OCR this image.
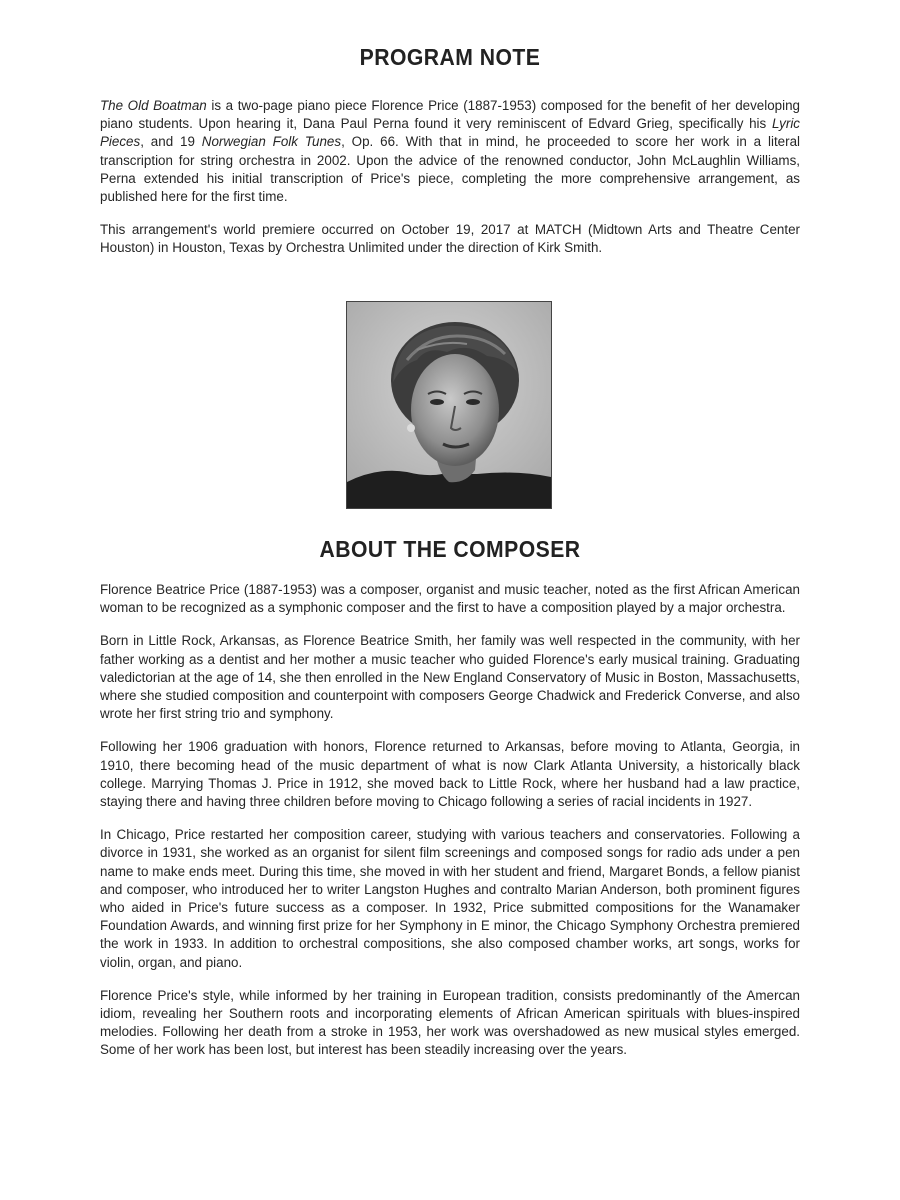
PROGRAM NOTE

The Old Boatman is a two-page piano piece Florence Price (1887-1953) composed for the benefit of her developing piano students. Upon hearing it, Dana Paul Perna found it very reminiscent of Edvard Grieg, specifically his Lyric Pieces, and 19 Norwegian Folk Tunes, Op. 66. With that in mind, he proceeded to score her work in a literal transcription for string orchestra in 2002. Upon the advice of the renowned conductor, John McLaughlin Williams, Perna extended his initial transcription of Price's piece, completing the more comprehensive arrangement, as published here for the first time.

This arrangement's world premiere occurred on October 19, 2017 at MATCH (Midtown Arts and Theatre Center Houston) in Houston, Texas by Orchestra Unlimited under the direction of Kirk Smith.

ABOUT THE COMPOSER

Florence Beatrice Price (1887-1953) was a composer, organist and music teacher, noted as the first African American woman to be recognized as a symphonic composer and the first to have a composition played by a major orchestra.

Born in Little Rock, Arkansas, as Florence Beatrice Smith, her family was well respected in the community, with her father working as a dentist and her mother a music teacher who guided Florence's early musical training. Graduating valedictorian at the age of 14, she then enrolled in the New England Conservatory of Music in Boston, Massachusetts, where she studied composition and counterpoint with composers George Chadwick and Frederick Converse, and also wrote her first string trio and symphony.

Following her 1906 graduation with honors, Florence returned to Arkansas, before moving to Atlanta, Georgia, in 1910, there becoming head of the music department of what is now Clark Atlanta University, a historically black college. Marrying Thomas J. Price in 1912, she moved back to Little Rock, where her husband had a law practice, staying there and having three children before moving to Chicago following a series of racial incidents in 1927.

In Chicago, Price restarted her composition career, studying with various teachers and conservatories. Following a divorce in 1931, she worked as an organist for silent film screenings and composed songs for radio ads under a pen name to make ends meet. During this time, she moved in with her student and friend, Margaret Bonds, a fellow pianist and composer, who introduced her to writer Langston Hughes and contralto Marian Anderson, both prominent figures who aided in Price's future success as a composer. In 1932, Price submitted compositions for the Wanamaker Foundation Awards, and winning first prize for her Symphony in E minor, the Chicago Symphony Orchestra premiered the work in 1933. In addition to orchestral compositions, she also composed chamber works, art songs, works for violin, organ, and piano.

Florence Price's style, while informed by her training in European tradition, consists predominantly of the Amercan idiom, revealing her Southern roots and incorporating elements of African American spirituals with blues-inspired melodies. Following her death from a stroke in 1953, her work was overshadowed as new musical styles emerged. Some of her work has been lost, but interest has been steadily increasing over the years.
